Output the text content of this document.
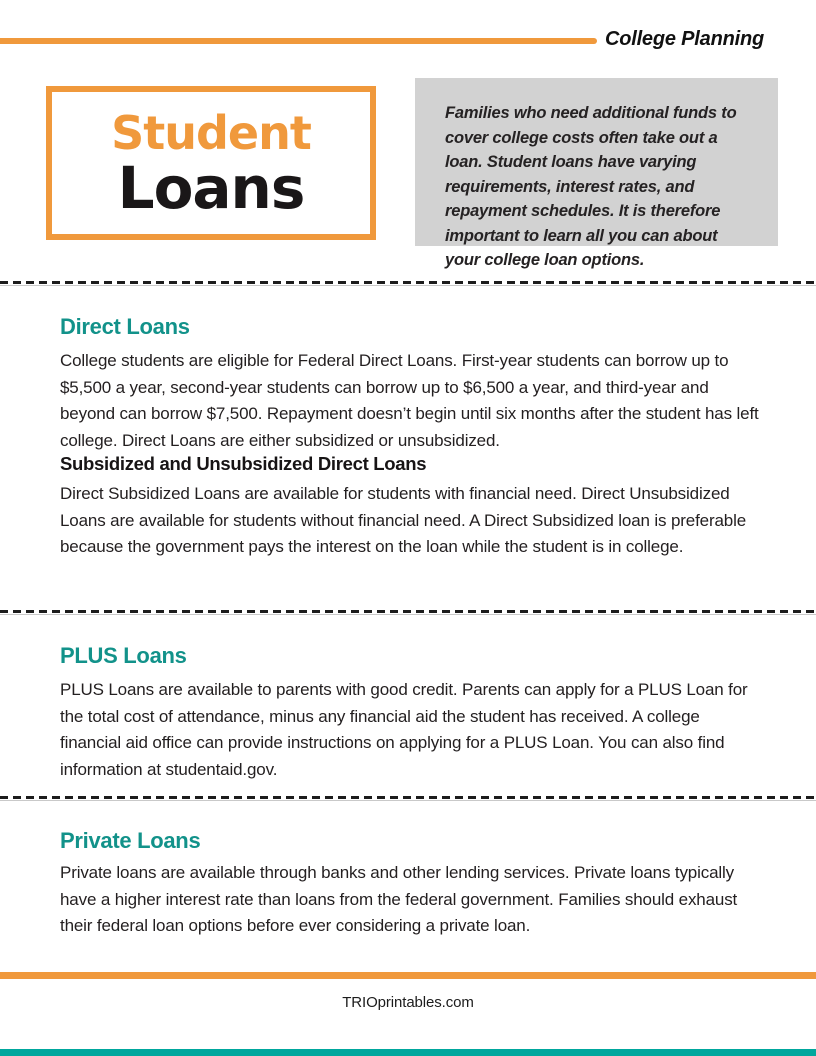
College Planning
Student
Loans
Families who need additional funds to cover college costs often take out a loan. Student loans have varying requirements, interest rates, and repayment schedules. It is therefore important to learn all you can about your college loan options.
Direct Loans
College students are eligible for Federal Direct Loans. First-year students can borrow up to $5,500 a year, second-year students can borrow up to $6,500 a year, and third-year and beyond can borrow $7,500. Repayment doesn’t begin until six months after the student has left college. Direct Loans are either subsidized or unsubsidized.
Subsidized and Unsubsidized Direct Loans
Direct Subsidized Loans are available for students with financial need. Direct Unsubsidized Loans are available for students without financial need. A Direct Subsidized loan is preferable because the government pays the interest on the loan while the student is in college.
PLUS Loans
PLUS Loans are available to parents with good credit. Parents can apply for a PLUS Loan for the total cost of attendance, minus any financial aid the student has received. A college financial aid office can provide instructions on applying for a PLUS Loan. You can also find information at studentaid.gov.
Private Loans
Private loans are available through banks and other lending services. Private loans typically have a higher interest rate than loans from the federal government. Families should exhaust their federal loan options before ever considering a private loan.
TRIOprintables.com
